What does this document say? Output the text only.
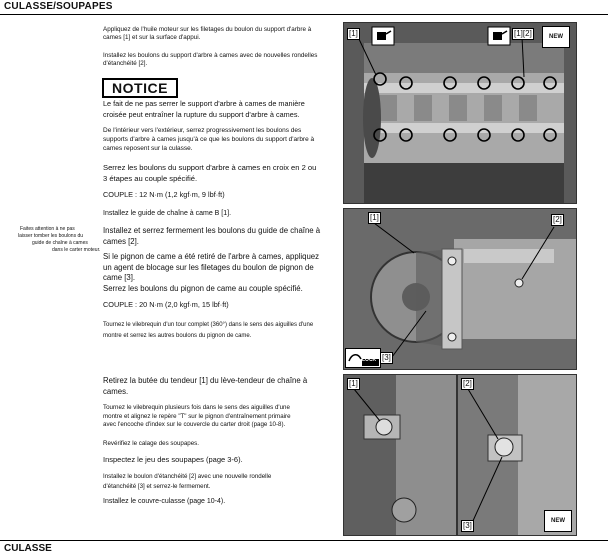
CULASSE/SOUPAPES
Faites attention à ne pas
laisser tomber les boulons du
guide de chaîne à cames
dans le carter moteur.
Appliquez de l'huile moteur sur les filetages du boulon du support d'arbre à
cames [1] et sur la surface d'appui.
Installez les boulons du support d'arbre à cames avec de nouvelles rondelles
d'étanchéité [2].
NOTICE
Le fait de ne pas serrer le support d'arbre à cames de manière
croisée peut entraîner la rupture du support d'arbre à cames.
De l'intérieur vers l'extérieur, serrez progressivement les boulons des
supports d'arbre à cames jusqu'à ce que les boulons du support d'arbre à
cames reposent sur la culasse.
Serrez les boulons du support d'arbre à cames en croix en 2 ou
3 étapes au couple spécifié.
COUPLE : 12 N·m (1,2 kgf·m, 9 lbf·ft)
[1]	[1][2]	NEW
Installez le guide de chaîne à came B [1].
Installez et serrez fermement les boulons du guide de chaîne à
cames [2].
Si le pignon de came a été retiré de l'arbre à cames, appliquez
un agent de blocage sur les filetages du boulon de pignon de
came [3].
Serrez les boulons du pignon de came au couple spécifié.
COUPLE : 20 N·m (2,0 kgf·m, 15 lbf·ft)
Tournez le vilebrequin d'un tour complet (360°) dans le sens des aiguilles d'une
montre et serrez les autres boulons du pignon de came.
[1]	[2]
[3]
LOCK
Retirez la butée du tendeur [1] du lève-tendeur de chaîne à
cames.
Tournez le vilebrequin plusieurs fois dans le sens des aiguilles d'une
montre et alignez le repère "T" sur le pignon d'entraînement primaire
avec l'encoche d'index sur le couvercle du carter droit (page 10-8).
Revérifiez le calage des soupapes.
Inspectez le jeu des soupapes (page 3-6).
Installez le boulon d'étanchéité [2] avec une nouvelle rondelle
d'étanchéité [3] et serrez-le fermement.
Installez le couvre-culasse (page 10-4).
[1]	[2]
[3]	NEW
CULASSE
